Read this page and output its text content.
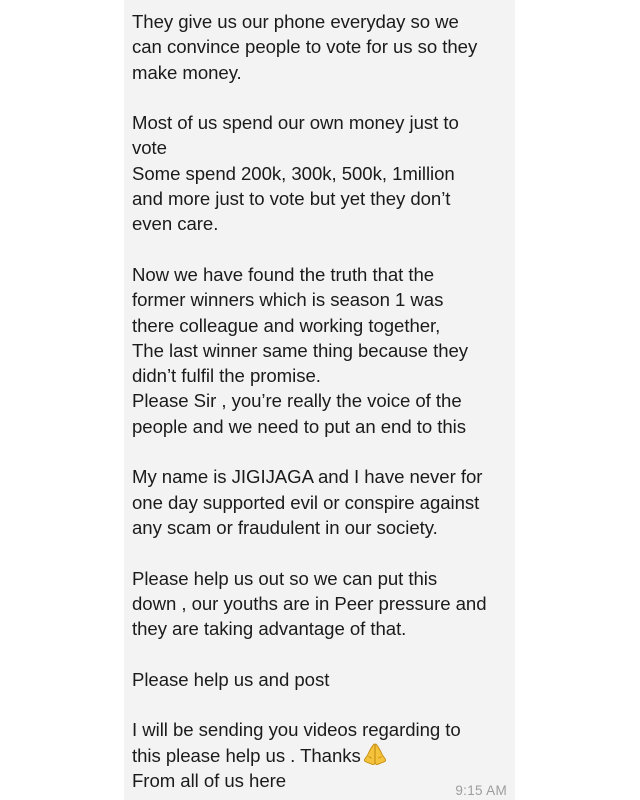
They give us our phone everyday so we
can convince people to vote for us so they
make money.
Most of us spend our own money just to
vote
Some spend 200k, 300k, 500k, 1million
and more just to vote but yet they don’t
even care.
Now we have found the truth that the
former winners which is season 1 was
there colleague and working together,
The last winner same thing because they
didn’t fulfil the promise.
Please Sir , you’re really the voice of the
people and we need to put an end to this
My name is JIGIJAGA and I have never for
one day supported evil or conspire against
any scam or fraudulent in our society.
Please help us out so we can put this
down , our youths are in Peer pressure and
they are taking advantage of that.
Please help us and post
I will be sending you videos regarding to
this please help us . Thanks
From all of us here	9:15 AM
